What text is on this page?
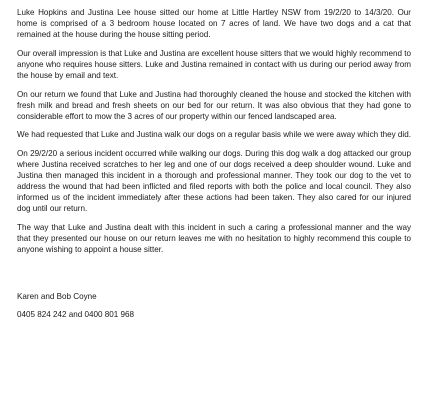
Luke Hopkins and Justina Lee house sitted our home at Little Hartley NSW from 19/2/20 to 14/3/20. Our home is comprised of a 3 bedroom house located on 7 acres of land. We have two dogs and a cat that remained at the house during the house sitting period.

Our overall impression is that Luke and Justina are excellent house sitters that we would highly recommend to anyone who requires house sitters. Luke and Justina remained in contact with us during our period away from the house by email and text.

On our return we found that Luke and Justina had thoroughly cleaned the house and stocked the kitchen with fresh milk and bread and fresh sheets on our bed for our return. It was also obvious that they had gone to considerable effort to mow the 3 acres of our property within our fenced landscaped area.

We had requested that Luke and Justina walk our dogs on a regular basis while we were away which they did.

On 29/2/20 a serious incident occurred while walking our dogs. During this dog walk a dog attacked our group where Justina received scratches to her leg and one of our dogs received a deep shoulder wound. Luke and Justina then managed this incident in a thorough and professional manner. They took our dog to the vet to address the wound that had been inflicted and filed reports with both the police and local council. They also informed us of the incident immediately after these actions had been taken. They also cared for our injured dog until our return.

The way that Luke and Justina dealt with this incident in such a caring a professional manner and the way that they presented our house on our return leaves me with no hesitation to highly recommend this couple to anyone wishing to appoint a house sitter.

Karen and Bob Coyne

0405 824 242 and 0400 801 968
